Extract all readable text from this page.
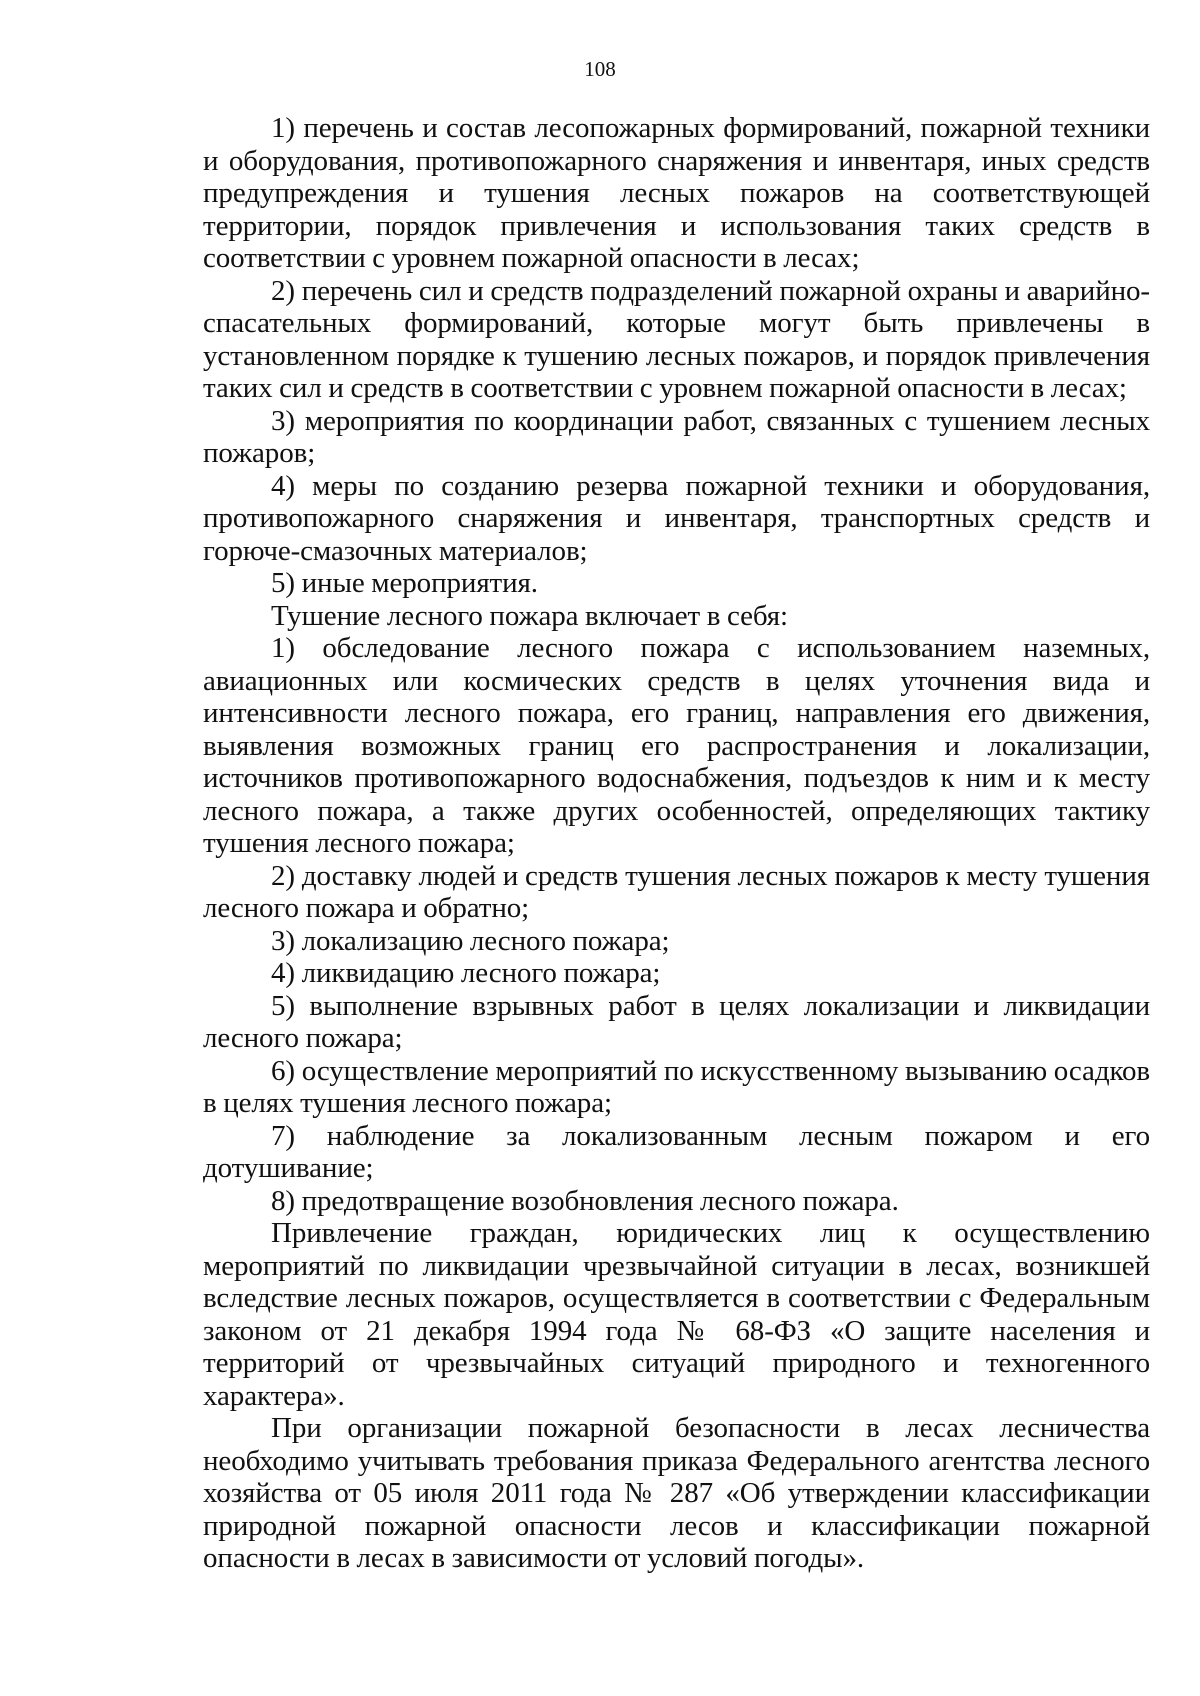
108

1) перечень и состав лесопожарных формирований, пожарной техники и оборудования, противопожарного снаряжения и инвентаря, иных средств предупреждения и тушения лесных пожаров на соответствующей территории, порядок привлечения и использования таких средств в соответствии с уровнем пожарной опасности в лесах;

2) перечень сил и средств подразделений пожарной охраны и аварийно-спасательных формирований, которые могут быть привлечены в установленном порядке к тушению лесных пожаров, и порядок привлечения таких сил и средств в соответствии с уровнем пожарной опасности в лесах;

3) мероприятия по координации работ, связанных с тушением лесных пожаров;

4) меры по созданию резерва пожарной техники и оборудования, противопожарного снаряжения и инвентаря, транспортных средств и горюче-смазочных материалов;

5) иные мероприятия.

Тушение лесного пожара включает в себя:

1) обследование лесного пожара с использованием наземных, авиационных или космических средств в целях уточнения вида и интенсивности лесного пожара, его границ, направления его движения, выявления возможных границ его распространения и локализации, источников противопожарного водоснабжения, подъездов к ним и к месту лесного пожара, а также других особенностей, определяющих тактику тушения лесного пожара;

2) доставку людей и средств тушения лесных пожаров к месту тушения лесного пожара и обратно;

3) локализацию лесного пожара;

4) ликвидацию лесного пожара;

5) выполнение взрывных работ в целях локализации и ликвидации лесного пожара;

6) осуществление мероприятий по искусственному вызыванию осадков в целях тушения лесного пожара;

7) наблюдение за локализованным лесным пожаром и его дотушивание;

8) предотвращение возобновления лесного пожара.

Привлечение граждан, юридических лиц к осуществлению мероприятий по ликвидации чрезвычайной ситуации в лесах, возникшей вследствие лесных пожаров, осуществляется в соответствии с Федеральным законом от 21 декабря 1994 года № 68-ФЗ «О защите населения и территорий от чрезвычайных ситуаций природного и техногенного характера».

При организации пожарной безопасности в лесах лесничества необходимо учитывать требования приказа Федерального агентства лесного хозяйства от 05 июля 2011 года № 287 «Об утверждении классификации природной пожарной опасности лесов и классификации пожарной опасности в лесах в зависимости от условий погоды».
